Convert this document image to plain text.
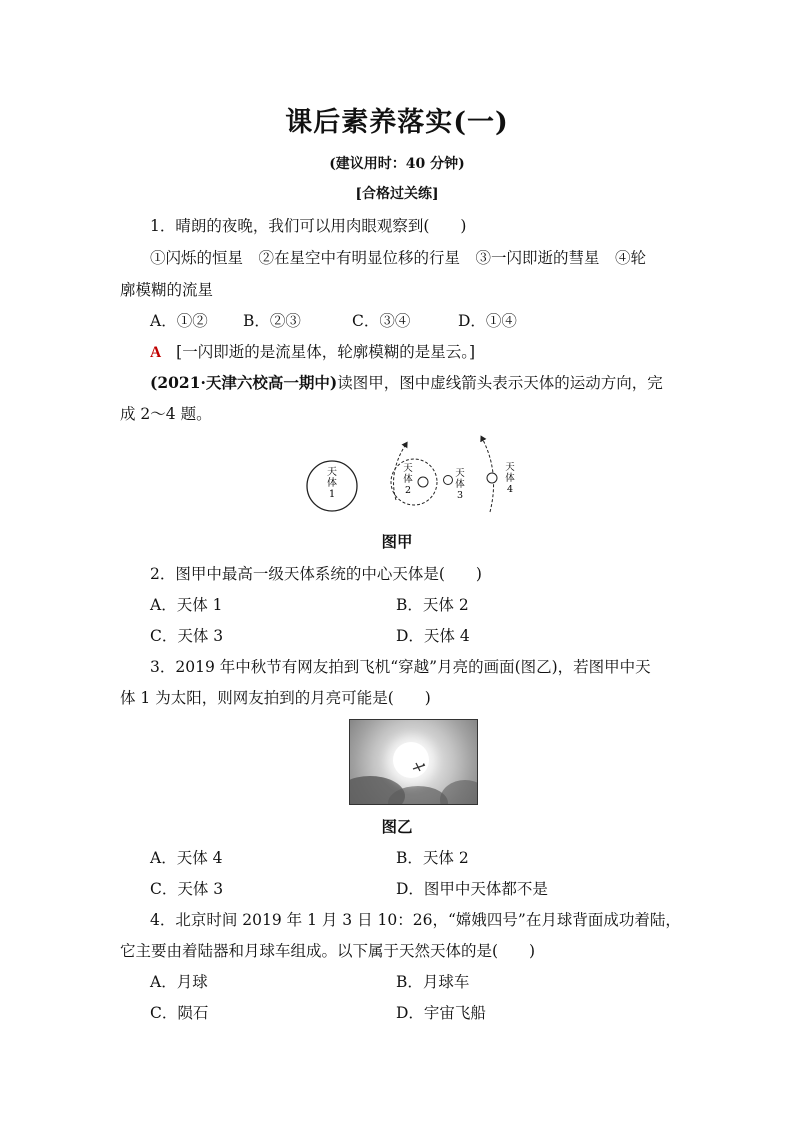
课后素养落实(一)
(建议用时：40 分钟)
[合格过关练]
1．晴朗的夜晚，我们可以用肉眼观察到(　　)
①闪烁的恒星　②在星空中有明显位移的行星　③一闪即逝的彗星　④轮
廓模糊的流星
A．①② B．②③	C．③④	D．①④
A [一闪即逝的是流星体，轮廓模糊的是星云。]
(2021·天津六校高一期中)读图甲，图中虚线箭头表示天体的运动方向，完
成 2～4 题。
天
体
1
天
体
2
天
体
3
天
体
4
图甲
2．图甲中最高一级天体系统的中心天体是(　　)
A．天体 1	B．天体 2
C．天体 3	D．天体 4
3．2019 年中秋节有网友拍到飞机“穿越”月亮的画面(图乙)，若图甲中天
体 1 为太阳，则网友拍到的月亮可能是(　　)
图乙
A．天体 4	B．天体 2
C．天体 3	D．图甲中天体都不是
4．北京时间 2019 年 1 月 3 日 10：26，“嫦娥四号”在月球背面成功着陆，
它主要由着陆器和月球车组成。以下属于天然天体的是(　　)
A．月球	B．月球车
C．陨石	D．宇宙飞船
